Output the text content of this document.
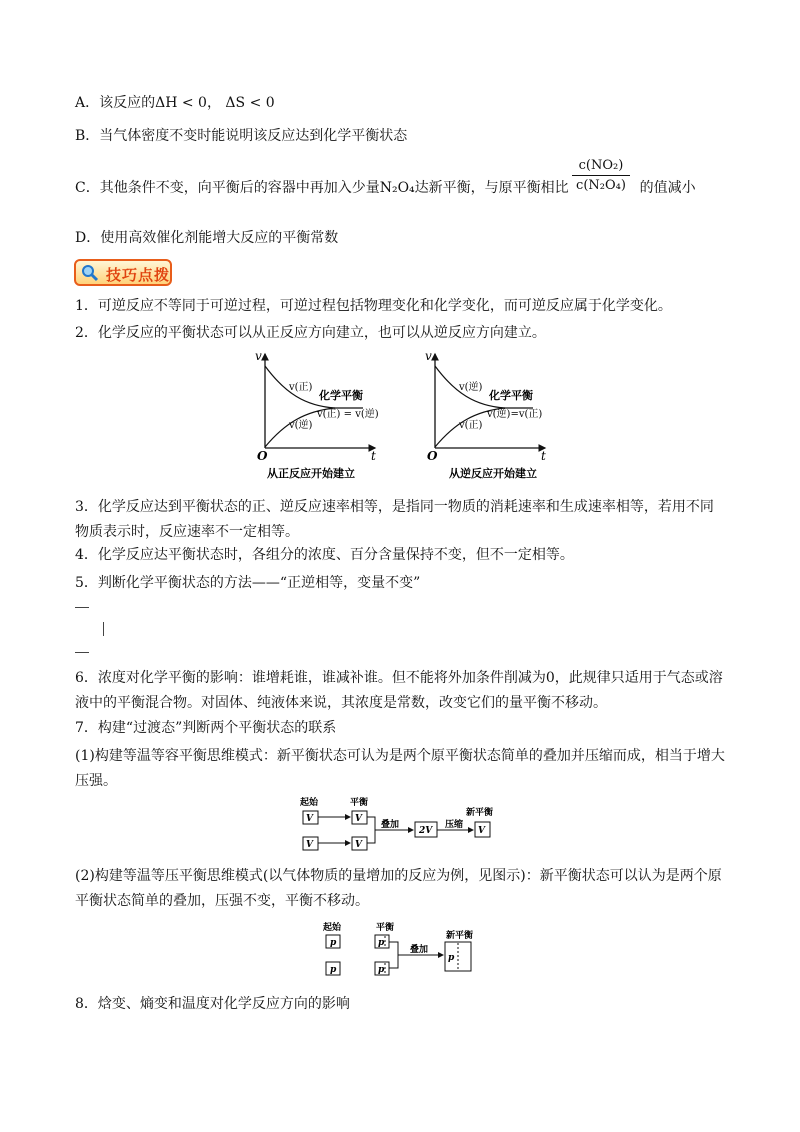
A．该反应的ΔH < 0， ΔS < 0
B．当气体密度不变时能说明该反应达到化学平衡状态
C．其他条件不变，向平衡后的容器中再加入少量N₂O₄达新平衡，与原平衡相比	的值减小
c(NO₂)
c(N₂O₄)
D．使用高效催化剂能增大反应的平衡常数
技巧点拨
1．可逆反应不等同于可逆过程，可逆过程包括物理变化和化学变化，而可逆反应属于化学变化。
2．化学反应的平衡状态可以从正反应方向建立，也可以从逆反应方向建立。
v
t
O
v(正)
v(逆)
化学平衡
v(正) = v(逆)
从正反应开始建立
v
t
O
v(逆)
v(正)
化学平衡
v(逆)=v(正)
从逆反应开始建立
3．化学反应达到平衡状态的正、逆反应速率相等，是指同一物质的消耗速率和生成速率相等，若用不同物质表示时，反应速率不一定相等。
4．化学反应达平衡状态时，各组分的浓度、百分含量保持不变，但不一定相等。
5．判断化学平衡状态的方法——“正逆相等，变量不变”
6．浓度对化学平衡的影响：谁增耗谁，谁减补谁。但不能将外加条件削减为0，此规律只适用于气态或溶液中的平衡混合物。对固体、纯液体来说，其浓度是常数，改变它们的量平衡不移动。
7．构建“过渡态”判断两个平衡状态的联系
(1)构建等温等容平衡思维模式：新平衡状态可认为是两个原平衡状态简单的叠加并压缩而成，相当于增大压强。
起始	平衡
新平衡
V
V
V
V
叠加
2V
压缩
V
(2)构建等温等压平衡思维模式(以气体物质的量增加的反应为例，见图示)：新平衡状态可以认为是两个原平衡状态简单的叠加，压强不变，平衡不移动。
起始	平衡
新平衡
p
p
p
p
叠加
p
8．焓变、熵变和温度对化学反应方向的影响
